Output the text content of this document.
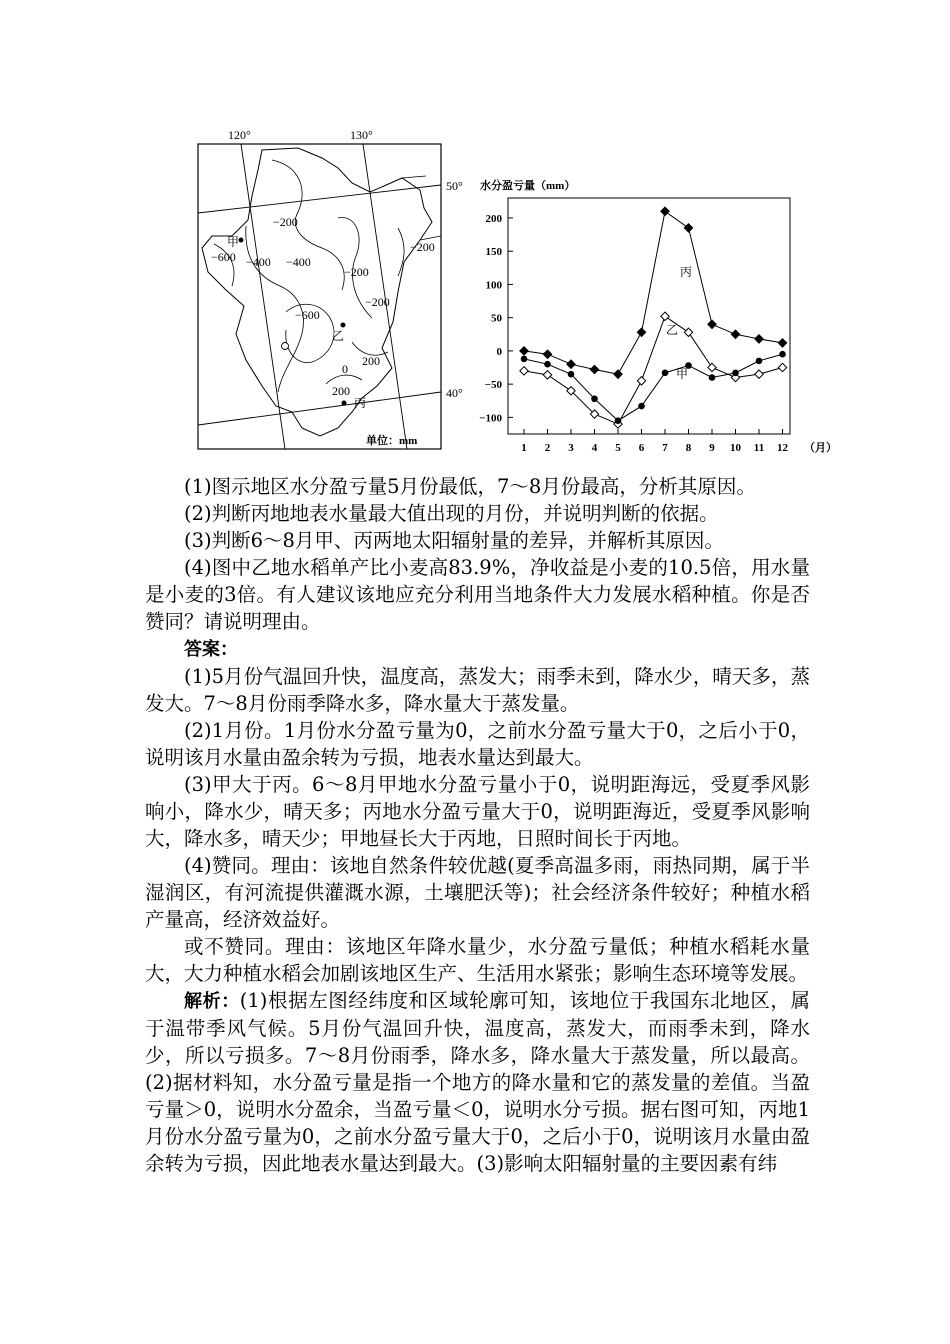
120°	130°
50°
40°
−200
−200
−400 −400
−600
−600
−200
−200
200
0
200
甲
乙
丙
单位：mm
水分盈亏量（mm）
200
150
100
50
0
−50
−100
1 2 3 4 5 6 7 8 9 10 11 12 （月）
丙
乙
甲

(1)图示地区水分盈亏量5月份最低，7～8月份最高，分析其原因。

(2)判断丙地地表水量最大值出现的月份，并说明判断的依据。

(3)判断6～8月甲、丙两地太阳辐射量的差异，并解析其原因。

(4)图中乙地水稻单产比小麦高83.9%，净收益是小麦的10.5倍，用水量是小麦的3倍。有人建议该地应充分利用当地条件大力发展水稻种植。你是否赞同？请说明理由。

答案：

(1)5月份气温回升快，温度高，蒸发大；雨季未到，降水少，晴天多，蒸发大。7～8月份雨季降水多，降水量大于蒸发量。

(2)1月份。1月份水分盈亏量为0，之前水分盈亏量大于0，之后小于0，说明该月水量由盈余转为亏损，地表水量达到最大。

(3)甲大于丙。6～8月甲地水分盈亏量小于0，说明距海远，受夏季风影响小，降水少，晴天多；丙地水分盈亏量大于0，说明距海近，受夏季风影响大，降水多，晴天少；甲地昼长大于丙地，日照时间长于丙地。

(4)赞同。理由：该地自然条件较优越(夏季高温多雨，雨热同期，属于半湿润区，有河流提供灌溉水源，土壤肥沃等)；社会经济条件较好；种植水稻产量高，经济效益好。

或不赞同。理由：该地区年降水量少，水分盈亏量低；种植水稻耗水量大，大力种植水稻会加剧该地区生产、生活用水紧张；影响生态环境等发展。

解析：(1)根据左图经纬度和区域轮廓可知，该地位于我国东北地区，属于温带季风气候。5月份气温回升快，温度高，蒸发大，而雨季未到，降水少，所以亏损多。7～8月份雨季，降水多，降水量大于蒸发量，所以最高。(2)据材料知，水分盈亏量是指一个地方的降水量和它的蒸发量的差值。当盈亏量＞0，说明水分盈余，当盈亏量＜0，说明水分亏损。据右图可知，丙地1月份水分盈亏量为0，之前水分盈亏量大于0，之后小于0，说明该月水量由盈余转为亏损，因此地表水量达到最大。(3)影响太阳辐射量的主要因素有纬
